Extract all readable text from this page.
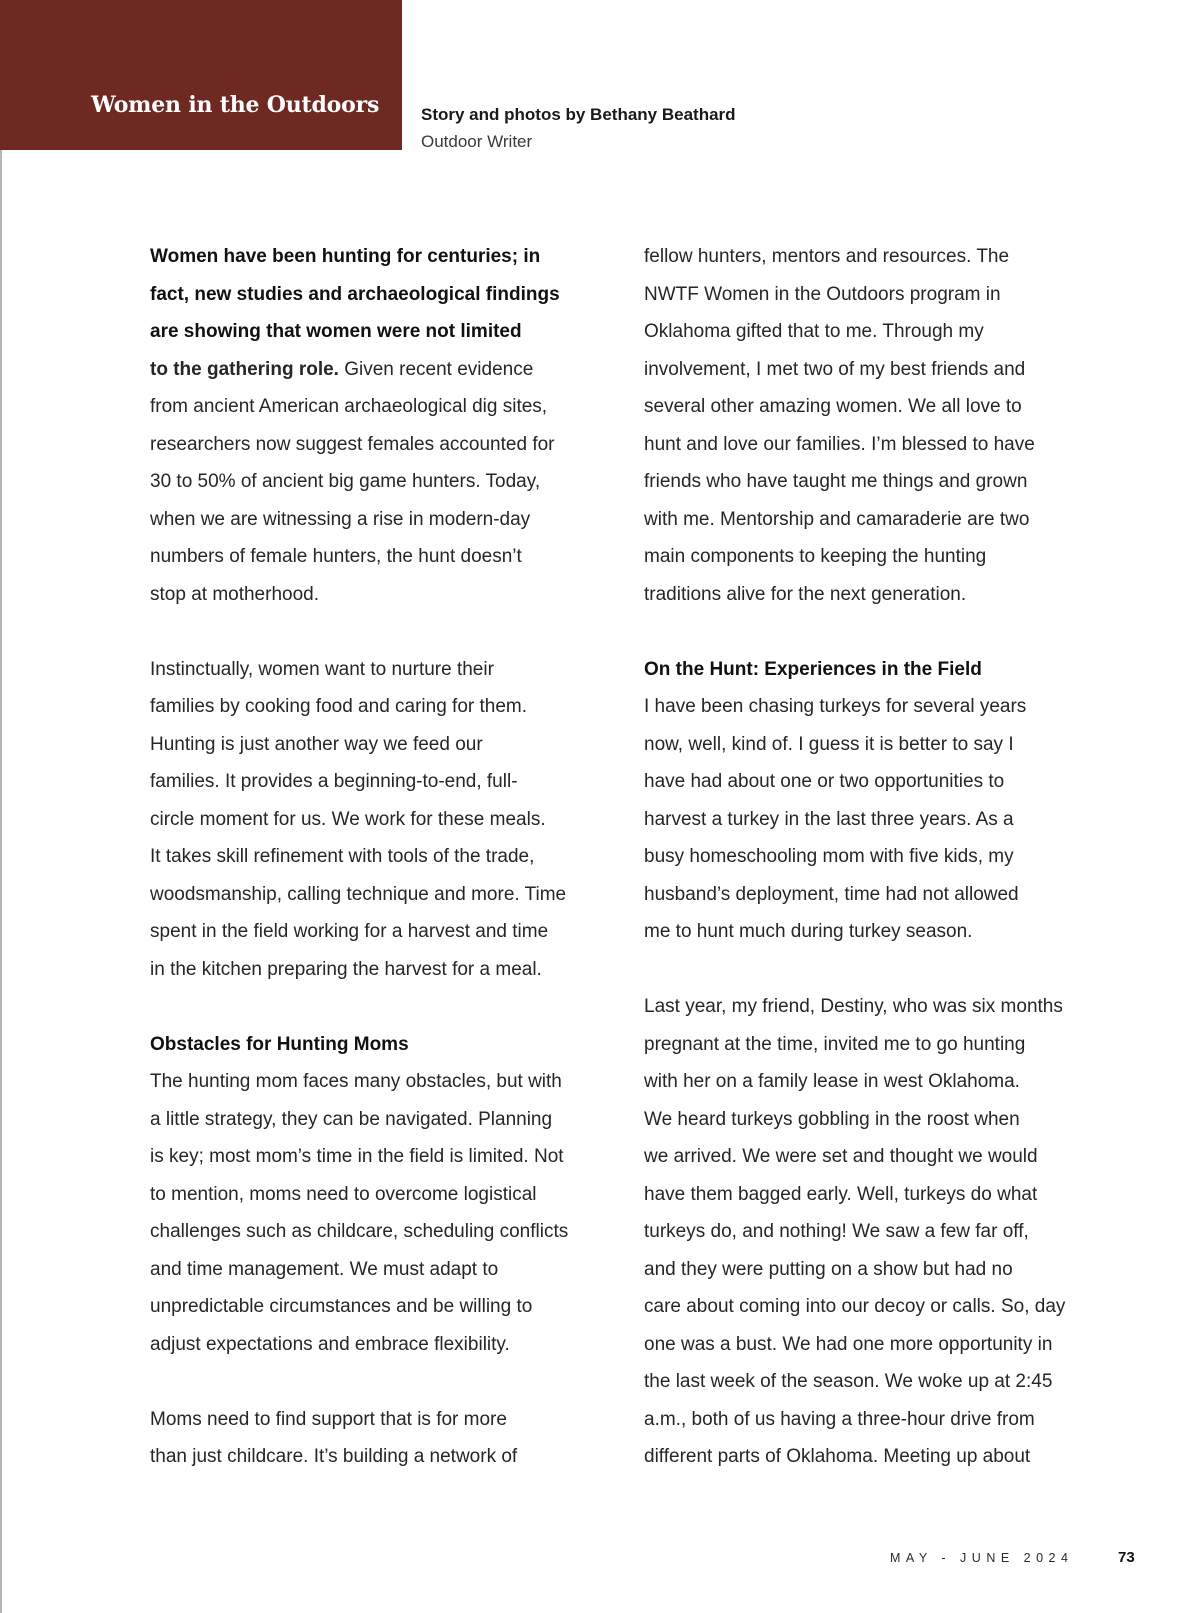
Women in the Outdoors Story and photos by Bethany Beathard
Outdoor Writer
Women have been hunting for centuries; in
fact, new studies and archaeological findings
are showing that women were not limited
to the gathering role. Given recent evidence
from ancient American archaeological dig sites,
researchers now suggest females accounted for
30 to 50% of ancient big game hunters. Today,
when we are witnessing a rise in modern-day
numbers of female hunters, the hunt doesn’t
stop at motherhood.
Instinctually, women want to nurture their
families by cooking food and caring for them.
Hunting is just another way we feed our
families. It provides a beginning-to-end, full-
circle moment for us. We work for these meals.
It takes skill refinement with tools of the trade,
woodsmanship, calling technique and more. Time
spent in the field working for a harvest and time
in the kitchen preparing the harvest for a meal.
Obstacles for Hunting Moms
The hunting mom faces many obstacles, but with
a little strategy, they can be navigated. Planning
is key; most mom’s time in the field is limited. Not
to mention, moms need to overcome logistical
challenges such as childcare, scheduling conflicts
and time management. We must adapt to
unpredictable circumstances and be willing to
adjust expectations and embrace flexibility.
Moms need to find support that is for more
than just childcare. It’s building a network of
fellow hunters, mentors and resources. The
NWTF Women in the Outdoors program in
Oklahoma gifted that to me. Through my
involvement, I met two of my best friends and
several other amazing women. We all love to
hunt and love our families. I’m blessed to have
friends who have taught me things and grown
with me. Mentorship and camaraderie are two
main components to keeping the hunting
traditions alive for the next generation.
On the Hunt: Experiences in the Field
I have been chasing turkeys for several years
now, well, kind of. I guess it is better to say I
have had about one or two opportunities to
harvest a turkey in the last three years. As a
busy homeschooling mom with five kids, my
husband’s deployment, time had not allowed
me to hunt much during turkey season.
Last year, my friend, Destiny, who was six months
pregnant at the time, invited me to go hunting
with her on a family lease in west Oklahoma.
We heard turkeys gobbling in the roost when
we arrived. We were set and thought we would
have them bagged early. Well, turkeys do what
turkeys do, and nothing! We saw a few far off,
and they were putting on a show but had no
care about coming into our decoy or calls. So, day
one was a bust. We had one more opportunity in
the last week of the season. We woke up at 2:45
a.m., both of us having a three-hour drive from
different parts of Oklahoma. Meeting up about
MAY - JUNE 2024	73
